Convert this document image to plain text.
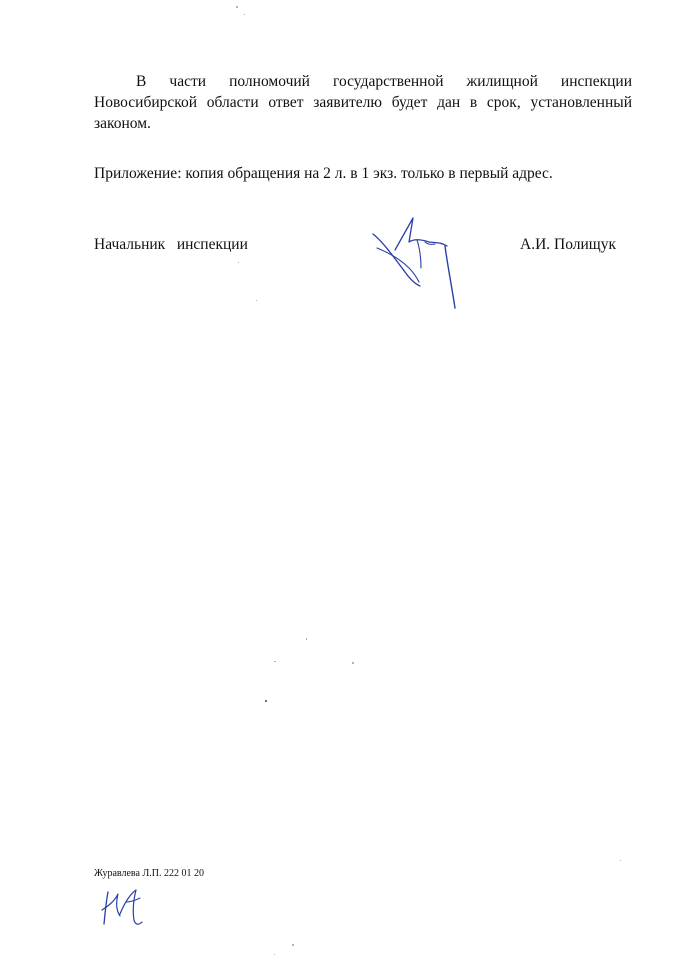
В части полномочий государственной жилищной инспекции Новосибирской области ответ заявителю будет дан в срок, установленный законом.

Приложение: копия обращения на 2 л. в 1 экз. только в первый адрес.

Начальник   инспекции	А.И. Полищук

Журавлева Л.П. 222 01 20
